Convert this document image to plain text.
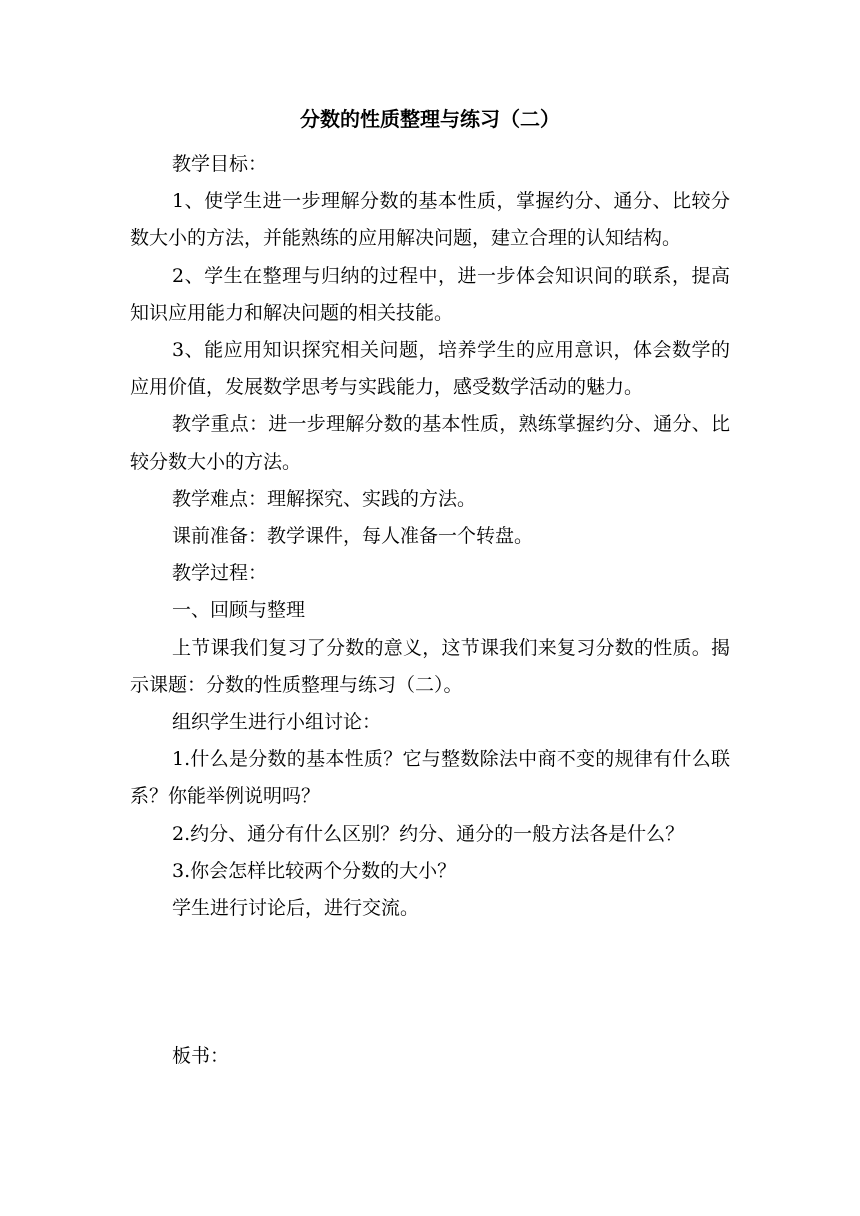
分数的性质整理与练习（二）

教学目标：

1、使学生进一步理解分数的基本性质，掌握约分、通分、比较分数大小的方法，并能熟练的应用解决问题，建立合理的认知结构。

2、学生在整理与归纳的过程中，进一步体会知识间的联系，提高知识应用能力和解决问题的相关技能。

3、能应用知识探究相关问题，培养学生的应用意识，体会数学的应用价值，发展数学思考与实践能力，感受数学活动的魅力。

教学重点：进一步理解分数的基本性质，熟练掌握约分、通分、比较分数大小的方法。

教学难点：理解探究、实践的方法。

课前准备：教学课件，每人准备一个转盘。

教学过程：

一、回顾与整理

上节课我们复习了分数的意义，这节课我们来复习分数的性质。揭示课题：分数的性质整理与练习（二）。

组织学生进行小组讨论：

1.什么是分数的基本性质？它与整数除法中商不变的规律有什么联系？你能举例说明吗？

2.约分、通分有什么区别？约分、通分的一般方法各是什么？

3.你会怎样比较两个分数的大小？

学生进行讨论后，进行交流。

板书：
